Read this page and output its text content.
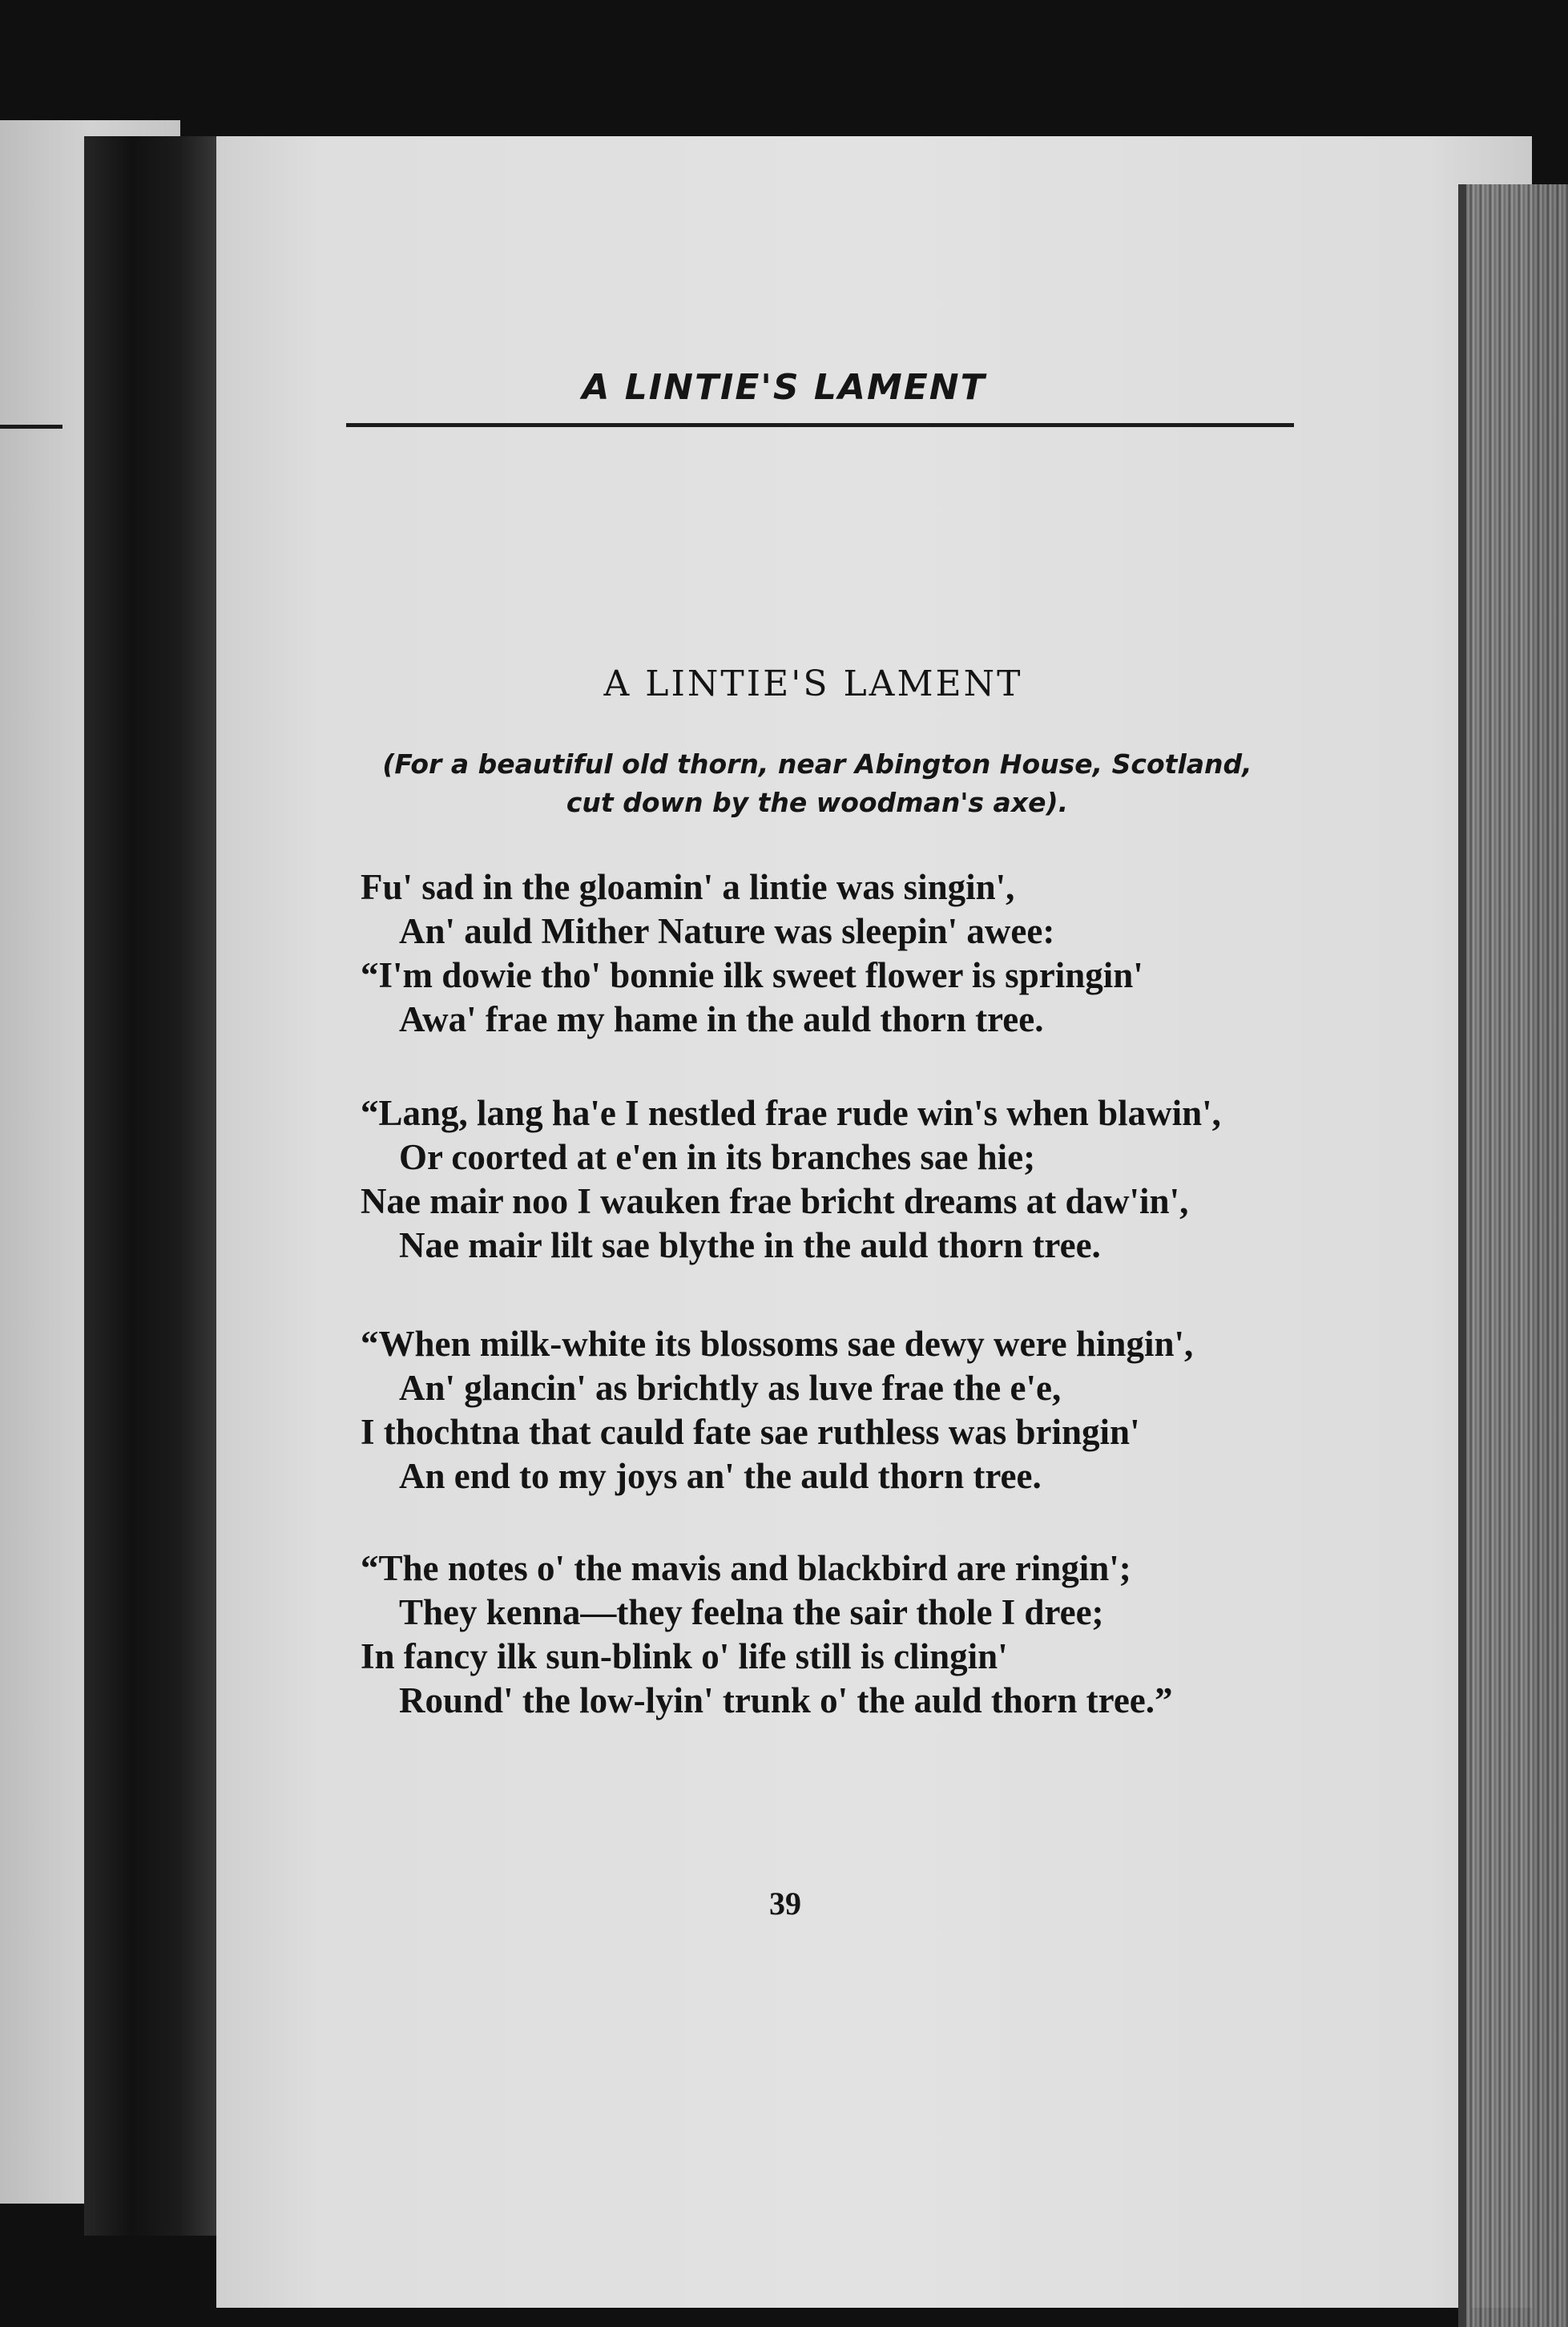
A LINTIE'S LAMENT
A LINTIE'S LAMENT
(For a beautiful old thorn, near Abington House, Scotland,
cut down by the woodman's axe).
Fu' sad in the gloamin' a lintie was singin',
An' auld Mither Nature was sleepin' awee:
“I'm dowie tho' bonnie ilk sweet flower is springin'
Awa' frae my hame in the auld thorn tree.
“Lang, lang ha'e I nestled frae rude win's when blawin',
Or coorted at e'en in its branches sae hie;
Nae mair noo I wauken frae bricht dreams at daw'in',
Nae mair lilt sae blythe in the auld thorn tree.
“When milk-white its blossoms sae dewy were hingin',
An' glancin' as brichtly as luve frae the e'e,
I thochtna that cauld fate sae ruthless was bringin'
An end to my joys an' the auld thorn tree.
“The notes o' the mavis and blackbird are ringin';
They kenna—they feelna the sair thole I dree;
In fancy ilk sun-blink o' life still is clingin'
Round' the low-lyin' trunk o' the auld thorn tree.”
39
